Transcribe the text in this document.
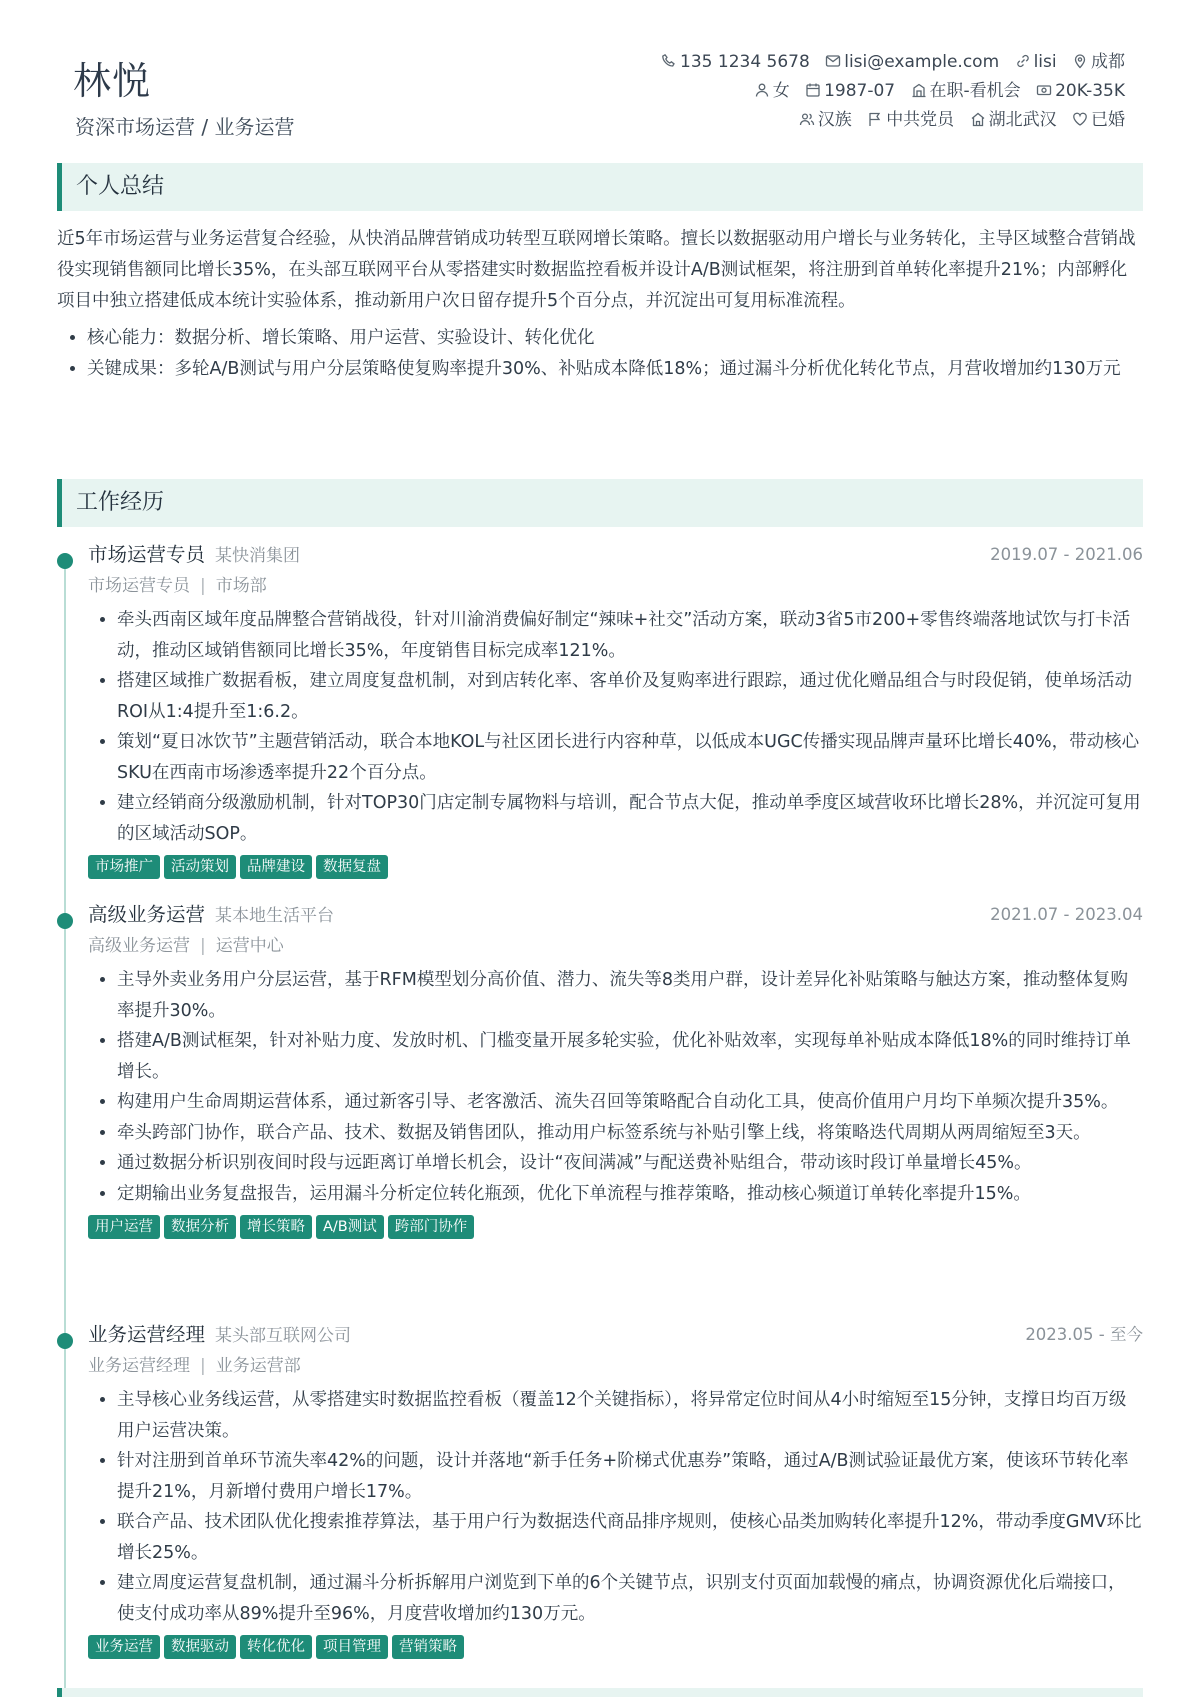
林悦
资深市场运营 / 业务运营
135 1234 5678 lisi@example.com lisi 成都
女 1987-07 在职-看机会 20K-35K
汉族 中共党员 湖北武汉 已婚
个人总结

近5年市场运营与业务运营复合经验，从快消品牌营销成功转型互联网增长策略。擅长以数据驱动用户增长与业务转化，主导区域整合营销战役实现销售额同比增长35%，在头部互联网平台从零搭建实时数据监控看板并设计A/B测试框架，将注册到首单转化率提升21%；内部孵化项目中独立搭建低成本统计实验体系，推动新用户次日留存提升5个百分点，并沉淀出可复用标准流程。

• 核心能力：数据分析、增长策略、用户运营、实验设计、转化优化
• 关键成果：多轮A/B测试与用户分层策略使复购率提升30%、补贴成本降低18%；通过漏斗分析优化转化节点，月营收增加约130万元
工作经历
市场运营专员 某快消集团	2019.07 - 2021.06
市场运营专员 | 市场部
• 牵头西南区域年度品牌整合营销战役，针对川渝消费偏好制定“辣味+社交”活动方案，联动3省5市200+零售终端落地试饮与打卡活动，推动区域销售额同比增长35%，年度销售目标完成率121%。
• 搭建区域推广数据看板，建立周度复盘机制，对到店转化率、客单价及复购率进行跟踪，通过优化赠品组合与时段促销，使单场活动ROI从1:4提升至1:6.2。
• 策划“夏日冰饮节”主题营销活动，联合本地KOL与社区团长进行内容种草，以低成本UGC传播实现品牌声量环比增长40%，带动核心SKU在西南市场渗透率提升22个百分点。
• 建立经销商分级激励机制，针对TOP30门店定制专属物料与培训，配合节点大促，推动单季度区域营收环比增长28%，并沉淀可复用的区域活动SOP。
市场推广 活动策划 品牌建设 数据复盘
高级业务运营 某本地生活平台	2021.07 - 2023.04
高级业务运营 | 运营中心
• 主导外卖业务用户分层运营，基于RFM模型划分高价值、潜力、流失等8类用户群，设计差异化补贴策略与触达方案，推动整体复购率提升30%。
• 搭建A/B测试框架，针对补贴力度、发放时机、门槛变量开展多轮实验，优化补贴效率，实现每单补贴成本降低18%的同时维持订单增长。
• 构建用户生命周期运营体系，通过新客引导、老客激活、流失召回等策略配合自动化工具，使高价值用户月均下单频次提升35%。
• 牵头跨部门协作，联合产品、技术、数据及销售团队，推动用户标签系统与补贴引擎上线，将策略迭代周期从两周缩短至3天。
• 通过数据分析识别夜间时段与远距离订单增长机会，设计“夜间满减”与配送费补贴组合，带动该时段订单量增长45%。
• 定期输出业务复盘报告，运用漏斗分析定位转化瓶颈，优化下单流程与推荐策略，推动核心频道订单转化率提升15%。
用户运营 数据分析 增长策略 A/B测试 跨部门协作
业务运营经理 某头部互联网公司	2023.05 - 至今
业务运营经理 | 业务运营部
• 主导核心业务线运营，从零搭建实时数据监控看板（覆盖12个关键指标），将异常定位时间从4小时缩短至15分钟，支撑日均百万级用户运营决策。
• 针对注册到首单环节流失率42%的问题，设计并落地“新手任务+阶梯式优惠券”策略，通过A/B测试验证最优方案，使该环节转化率提升21%，月新增付费用户增长17%。
• 联合产品、技术团队优化搜索推荐算法，基于用户行为数据迭代商品排序规则，使核心品类加购转化率提升12%，带动季度GMV环比增长25%。
• 建立周度运营复盘机制，通过漏斗分析拆解用户浏览到下单的6个关键节点，识别支付页面加载慢的痛点，协调资源优化后端接口，使支付成功率从89%提升至96%，月度营收增加约130万元。
业务运营 数据驱动 转化优化 项目管理 营销策略
